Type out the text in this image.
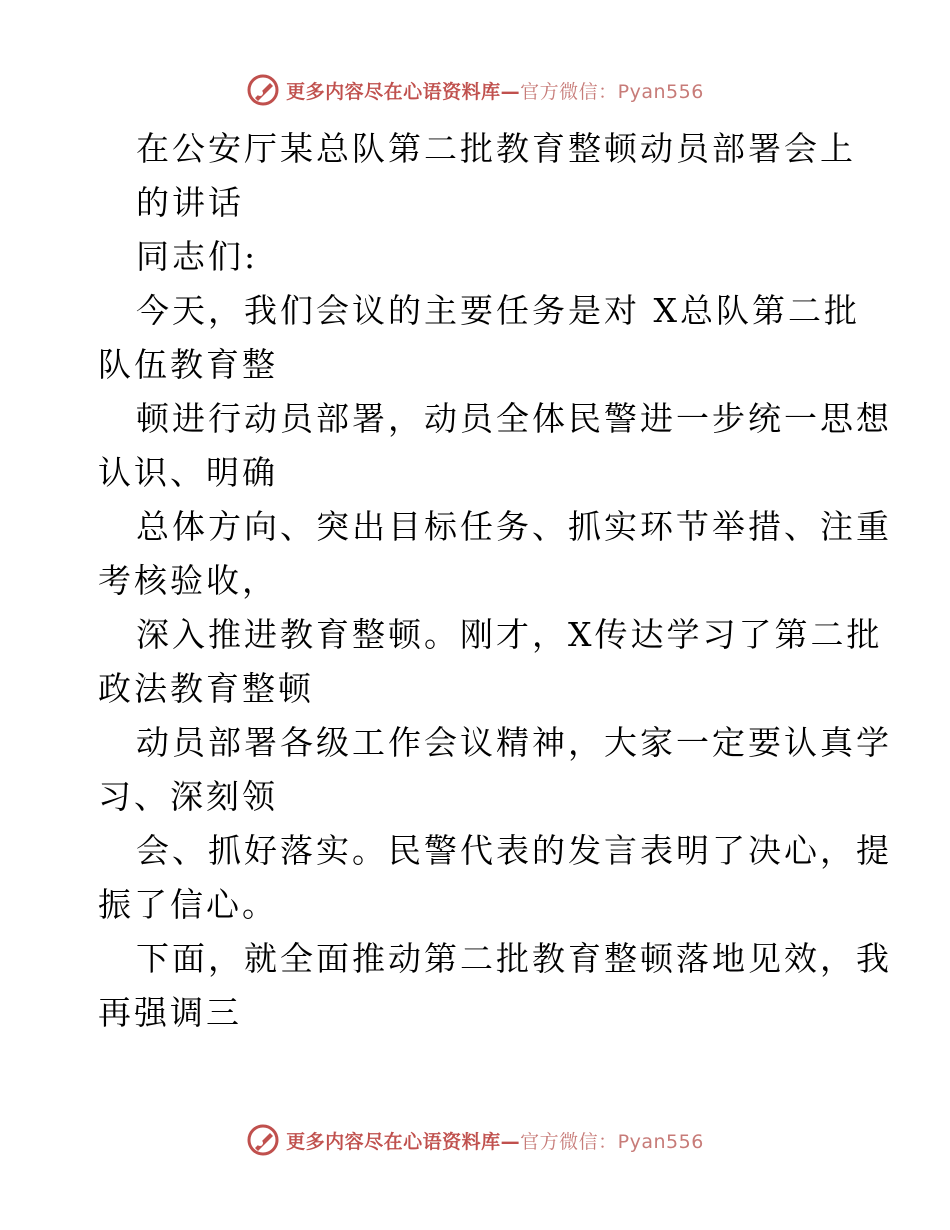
更多内容尽在心语资料库—官方微信：Pyan556
在公安厅某总队第二批教育整顿动员部署会上
的讲话
同志们:
今天，我们会议的主要任务是对 X总队第二批
队伍教育整
顿进行动员部署，动员全体民警进一步统一思想
认识、明确
总体方向、突出目标任务、抓实环节举措、注重
考核验收，
深入推进教育整顿。刚才，X传达学习了第二批
政法教育整顿
动员部署各级工作会议精神，大家一定要认真学
习、深刻领
会、抓好落实。民警代表的发言表明了决心，提
振了信心。
下面，就全面推动第二批教育整顿落地见效，我
再强调三
更多内容尽在心语资料库—官方微信：Pyan556
